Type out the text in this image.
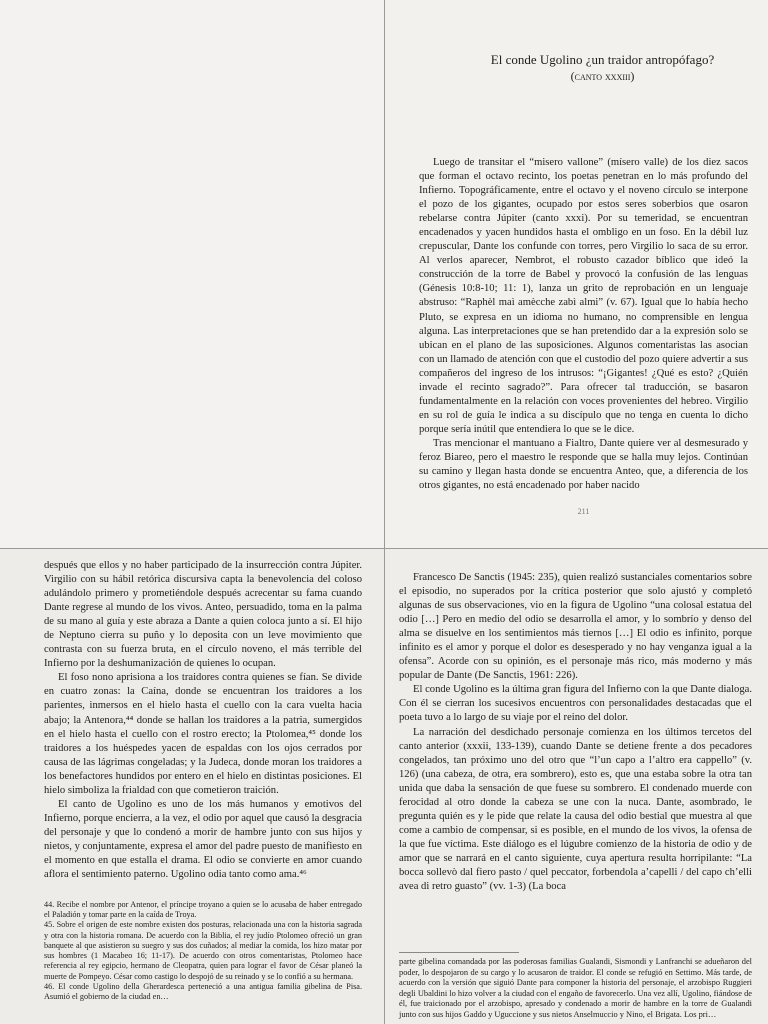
El conde Ugolino ¿un traidor antropófago?
(canto xxxiii)

Luego de transitar el “misero vallone” (mísero valle) de los diez sacos que forman el octavo recinto, los poetas penetran en lo más profundo del Infierno. Topográficamente, entre el octavo y el noveno círculo se interpone el pozo de los gigantes, ocupado por estos seres soberbios que osaron rebelarse contra Júpiter (canto xxxi). Por su temeridad, se encuentran encadenados y yacen hundidos hasta el ombligo en un foso. En la débil luz crepuscular, Dante los confunde con torres, pero Virgilio lo saca de su error. Al verlos aparecer, Nembrot, el robusto cazador bíblico que ideó la construcción de la torre de Babel y provocó la confusión de las lenguas (Génesis 10:8-10; 11: 1), lanza un grito de reprobación en un lenguaje abstruso: “Raphèl maì amècche zabì almi” (v. 67). Igual que lo había hecho Pluto, se expresa en un idioma no humano, no comprensible en lengua alguna. Las interpretaciones que se han pretendido dar a la expresión solo se ubican en el plano de las suposiciones. Algunos comentaristas las asocian con un llamado de atención con que el custodio del pozo quiere advertir a sus compañeros del ingreso de los intrusos: “¡Gigantes! ¿Qué es esto? ¿Quién invade el recinto sagrado?”. Para ofrecer tal traducción, se basaron fundamentalmente en la relación con voces provenientes del hebreo. Virgilio en su rol de guía le indica a su discípulo que no tenga en cuenta lo dicho porque sería inútil que entendiera lo que se le dice.

Tras mencionar el mantuano a Fialtro, Dante quiere ver al desmesurado y feroz Biareo, pero el maestro le responde que se halla muy lejos. Continúan su camino y llegan hasta donde se encuentra Anteo, que, a diferencia de los otros gigantes, no está encadenado por haber nacido

211

después que ellos y no haber participado de la insurrección contra Júpiter. Virgilio con su hábil retórica discursiva capta la benevolencia del coloso adulándolo primero y prometiéndole después acrecentar su fama cuando Dante regrese al mundo de los vivos. Anteo, persuadido, toma en la palma de su mano al guía y este abraza a Dante a quien coloca junto a sí. El hijo de Neptuno cierra su puño y lo deposita con un leve movimiento que contrasta con su fuerza bruta, en el círculo noveno, el más terrible del Infierno por la deshumanización de quienes lo ocupan.

El foso nono aprisiona a los traidores contra quienes se fían. Se divide en cuatro zonas: la Caína, donde se encuentran los traidores a los parientes, inmersos en el hielo hasta el cuello con la cara vuelta hacia abajo; la Antenora,⁴⁴ donde se hallan los traidores a la patria, sumergidos en el hielo hasta el cuello con el rostro erecto; la Ptolomea,⁴⁵ donde los traidores a los huéspedes yacen de espaldas con los ojos cerrados por causa de las lágrimas congeladas; y la Judeca, donde moran los traidores a los benefactores hundidos por entero en el hielo en distintas posiciones. El hielo simboliza la frialdad con que cometieron traición.

El canto de Ugolino es uno de los más humanos y emotivos del Infierno, porque encierra, a la vez, el odio por aquel que causó la desgracia del personaje y que lo condenó a morir de hambre junto con sus hijos y nietos, y conjuntamente, expresa el amor del padre puesto de manifiesto en el momento en que estalla el drama. El odio se convierte en amor cuando aflora el sentimiento paterno. Ugolino odia tanto como ama.⁴⁶

44. Recibe el nombre por Antenor, el príncipe troyano a quien se lo acusaba de haber entregado el Paladión y tomar parte en la caída de Troya.

45. Sobre el origen de este nombre existen dos posturas, relacionada una con la historia sagrada y otra con la historia romana. De acuerdo con la Biblia, el rey judío Ptolomeo ofreció un gran banquete al que asistieron su suegro y sus dos cuñados; al mediar la comida, los hizo matar por sus hombres (1 Macabeo 16; 11-17). De acuerdo con otros comentaristas, Ptolomeo hace referencia al rey egipcio, hermano de Cleopatra, quien para lograr el favor de César planeó la muerte de Pompeyo. César como castigo lo despojó de su reinado y se lo confió a su hermana.

46. El conde Ugolino della Gherardesca perteneció a una antigua familia gibelina de Pisa. Asumió el gobierno de la ciudad en…

Francesco De Sanctis (1945: 235), quien realizó sustanciales comentarios sobre el episodio, no superados por la crítica posterior que solo ajustó y completó algunas de sus observaciones, vio en la figura de Ugolino “una colosal estatua del odio […] Pero en medio del odio se desarrolla el amor, y lo sombrío y denso del alma se disuelve en los sentimientos más tiernos […] El odio es infinito, porque infinito es el amor y porque el dolor es desesperado y no hay venganza igual a la ofensa”. Acorde con su opinión, es el personaje más rico, más moderno y más popular de Dante (De Sanctis, 1961: 226).

El conde Ugolino es la última gran figura del Infierno con la que Dante dialoga. Con él se cierran los sucesivos encuentros con personalidades destacadas que el poeta tuvo a lo largo de su viaje por el reino del dolor.

La narración del desdichado personaje comienza en los últimos tercetos del canto anterior (xxxii, 133-139), cuando Dante se detiene frente a dos pecadores congelados, tan próximo uno del otro que “l’un capo a l’altro era cappello” (v. 126) (una cabeza, de otra, era sombrero), esto es, que una estaba sobre la otra tan unida que daba la sensación de que fuese su sombrero. El condenado muerde con ferocidad al otro donde la cabeza se une con la nuca. Dante, asombrado, le pregunta quién es y le pide que relate la causa del odio bestial que muestra al que come a cambio de compensar, si es posible, en el mundo de los vivos, la ofensa de la que fue víctima. Este diálogo es el lúgubre comienzo de la historia de odio y de amor que se narrará en el canto siguiente, cuya apertura resulta horripilante: “La bocca sollevò dal fiero pasto / quel peccator, forbendola a’capelli / del capo ch’elli avea di retro guasto” (vv. 1-3) (La boca

parte gibelina comandada por las poderosas familias Gualandi, Sismondi y Lanfranchi se adueñaron del poder, lo despojaron de su cargo y lo acusaron de traidor. El conde se refugió en Settimo. Más tarde, de acuerdo con la versión que siguió Dante para componer la historia del personaje, el arzobispo Ruggieri degli Ubaldini lo hizo volver a la ciudad con el engaño de favorecerlo. Una vez allí, Ugolino, fiándose de él, fue traicionado por el arzobispo, apresado y condenado a morir de hambre en la torre de Gualandi junto con sus hijos Gaddo y Uguccione y sus nietos Anselmuccio y Nino, el Brigata. Los pri…
